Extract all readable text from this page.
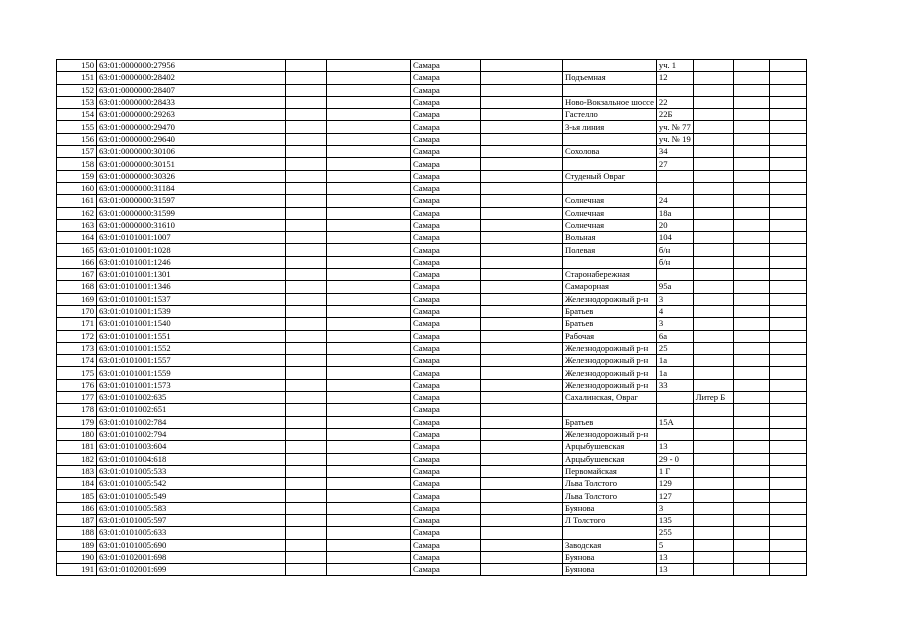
150	63:01:0000000:27956			Самара			уч. 1			
151	63:01:0000000:28402			Самара		Подъемная	12			
152	63:01:0000000:28407			Самара						
153	63:01:0000000:28433			Самара		Ново-Вокзальное шоссе	22			
154	63:01:0000000:29263			Самара		Гастелло	22Б			
155	63:01:0000000:29470			Самара		3-ья линия	уч. № 77			
156	63:01:0000000:29640			Самара			уч. № 19			
157	63:01:0000000:30106			Самара		Сохолова	34			
158	63:01:0000000:30151			Самара			27			
159	63:01:0000000:30326			Самара		Студеный Овраг				
160	63:01:0000000:31184			Самара						
161	63:01:0000000:31597			Самара		Солнечная	24			
162	63:01:0000000:31599			Самара		Солнечная	18а			
163	63:01:0000000:31610			Самара		Солнечная	20			
164	63:01:0101001:1007			Самара		Вольная	104			
165	63:01:0101001:1028			Самара		Полевая	б/н			
166	63:01:0101001:1246			Самара			б/н			
167	63:01:0101001:1301			Самара		Старонабережная				
168	63:01:0101001:1346			Самара		Самарорная	95а			
169	63:01:0101001:1537			Самара		Железнодорожный р-н	3			
170	63:01:0101001:1539			Самара		Братьев	4			
171	63:01:0101001:1540			Самара		Братьев	3			
172	63:01:0101001:1551			Самара		Рабочая	6а			
173	63:01:0101001:1552			Самара		Железнодорожный р-н	25			
174	63:01:0101001:1557			Самара		Железнодорожный р-н	1а			
175	63:01:0101001:1559			Самара		Железнодорожный р-н	1а			
176	63:01:0101001:1573			Самара		Железнодорожный р-н	33			
177	63:01:0101002:635			Самара		Сахалинская, Овраг		Литер Б		
178	63:01:0101002:651			Самара						
179	63:01:0101002:784			Самара		Братьев	15А			
180	63:01:0101002:794			Самара		Железнодорожный р-н				
181	63:01:0101003:604			Самара		Арцыбушевская	13			
182	63:01:0101004:618			Самара		Арцыбушевская	29 - 0			
183	63:01:0101005:533			Самара		Первомайская	1 Г			
184	63:01:0101005:542			Самара		Льва Толстого	129			
185	63:01:0101005:549			Самара		Льва Толстого	127			
186	63:01:0101005:583			Самара		Буянова	3			
187	63:01:0101005:597			Самара		Л Толстого	135			
188	63:01:0101005:633			Самара			255			
189	63:01:0101005:690			Самара		Заводская	5			
190	63:01:0102001:698			Самара		Буянова	13			
191	63:01:0102001:699			Самара		Буянова	13			
